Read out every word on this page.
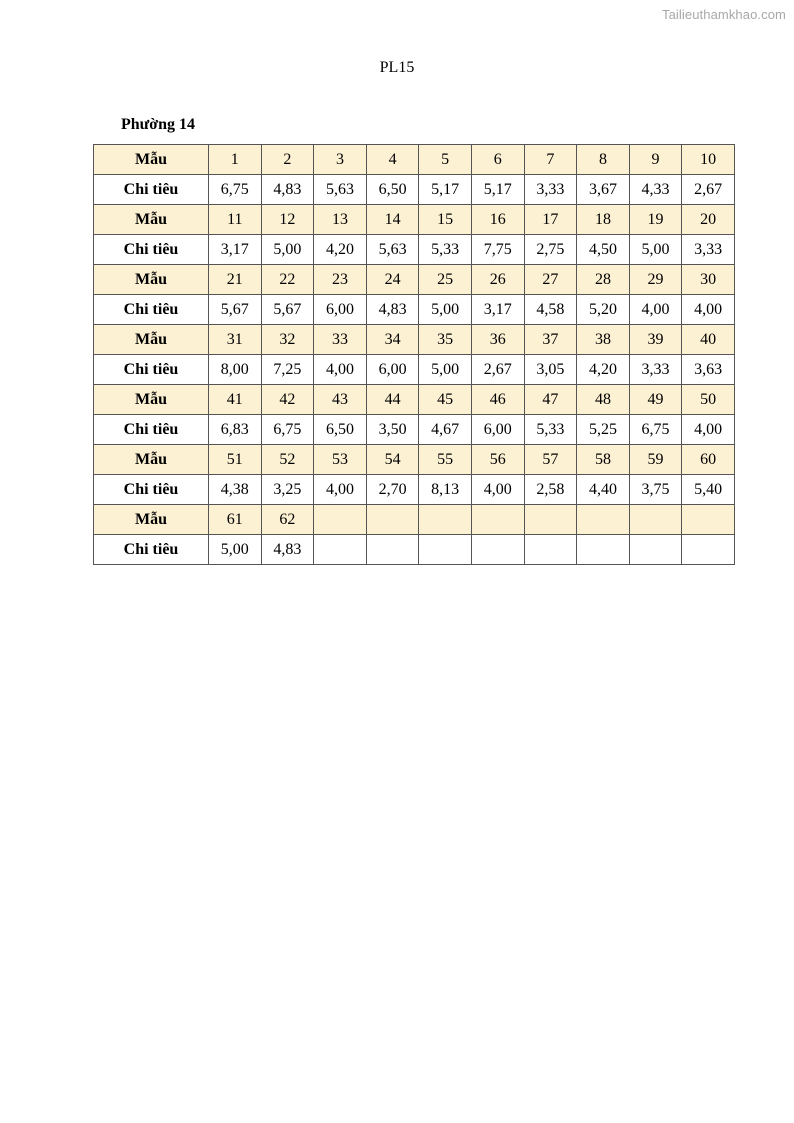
Tailieuthamkhao.com
PL15
Phường 14
Mẫu	1	2	3	4	5	6	7	8	9	10
Chi tiêu	6,75	4,83	5,63	6,50	5,17	5,17	3,33	3,67	4,33	2,67
Mẫu	11	12	13	14	15	16	17	18	19	20
Chi tiêu	3,17	5,00	4,20	5,63	5,33	7,75	2,75	4,50	5,00	3,33
Mẫu	21	22	23	24	25	26	27	28	29	30
Chi tiêu	5,67	5,67	6,00	4,83	5,00	3,17	4,58	5,20	4,00	4,00
Mẫu	31	32	33	34	35	36	37	38	39	40
Chi tiêu	8,00	7,25	4,00	6,00	5,00	2,67	3,05	4,20	3,33	3,63
Mẫu	41	42	43	44	45	46	47	48	49	50
Chi tiêu	6,83	6,75	6,50	3,50	4,67	6,00	5,33	5,25	6,75	4,00
Mẫu	51	52	53	54	55	56	57	58	59	60
Chi tiêu	4,38	3,25	4,00	2,70	8,13	4,00	2,58	4,40	3,75	5,40
Mẫu	61	62								
Chi tiêu	5,00	4,83								
